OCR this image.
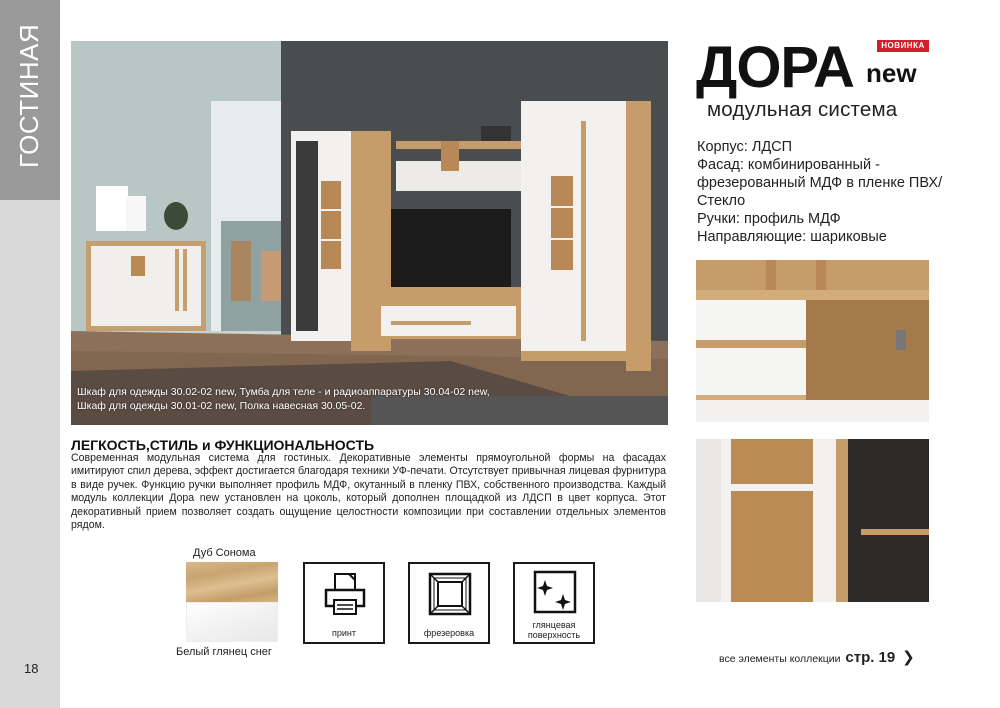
ГОСТИНАЯ
18
Шкаф для одежды 30.02-02 new, Тумба для теле - и радиоаппаратуры 30.04-02 new,
Шкаф для одежды 30.01-02 new, Полка навесная 30.05-02.
ДОРА	НОВИНКА
new
модульная система
Корпус: ЛДСП
Фасад: комбинированный - фрезерованный МДФ в пленке ПВХ/ Стекло
Ручки: профиль МДФ
Направляющие: шариковые
ЛЕГКОСТЬ,СТИЛЬ и ФУНКЦИОНАЛЬНОСТЬ
Современная модульная система для гостиных. Декоративные элементы прямоугольной формы на фасадах имитируют спил дерева, эффект достигается благодаря техники УФ-печати. Отсутствует привычная лицевая фурнитура в виде ручек. Функцию ручки выполняет профиль МДФ, окутанный в пленку ПВХ, собственного производства. Каждый модуль коллекции Дора new установлен на цоколь, который дополнен площадкой из ЛДСП в цвет корпуса. Этот декоративный прием позволяет создать ощущение целостности композиции при составлении отдельных элементов рядом.
Дуб Сонома
Белый глянец снег
принт	фрезеровка
глянцевая поверхность
все элементы коллекции стр. 19 ❯
